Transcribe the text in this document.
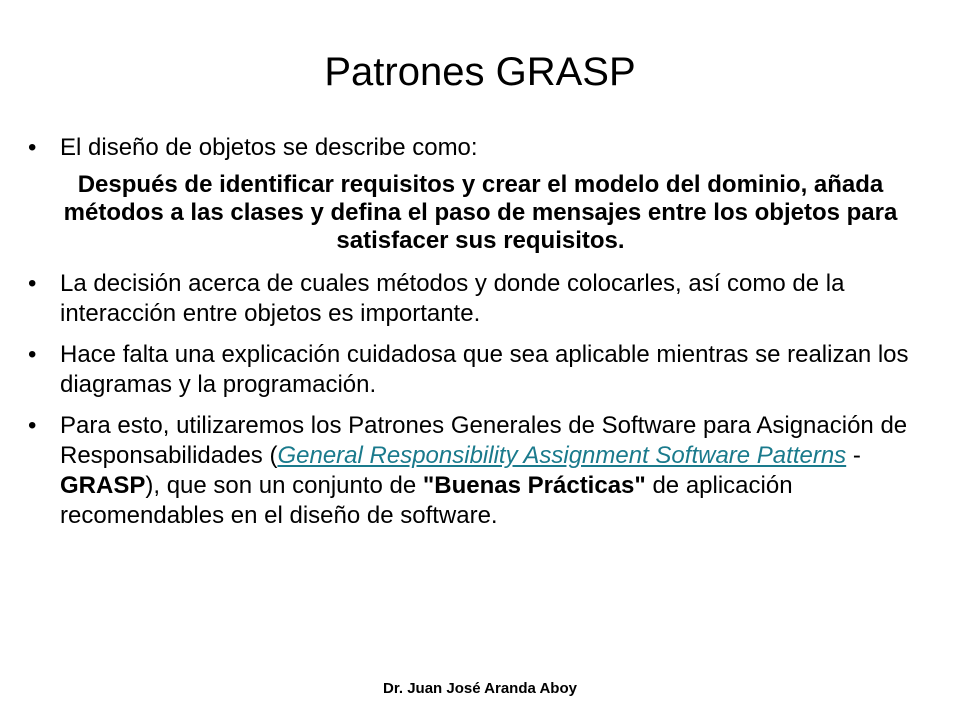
Patrones GRASP
• El diseño de objetos se describe como:
Después de identificar requisitos y crear el modelo del dominio, añada métodos a las clases y defina el paso de mensajes entre los objetos para satisfacer sus requisitos.
• La decisión acerca de cuales métodos y donde colocarles, así como de la interacción entre objetos es importante.
• Hace falta una explicación cuidadosa que sea aplicable mientras se realizan los diagramas y la programación.
• Para esto, utilizaremos los Patrones Generales de Software para Asignación de Responsabilidades (General Responsibility Assignment Software Patterns - GRASP), que son un conjunto de "Buenas Prácticas" de aplicación recomendables en el diseño de software.
Dr. Juan José Aranda Aboy
